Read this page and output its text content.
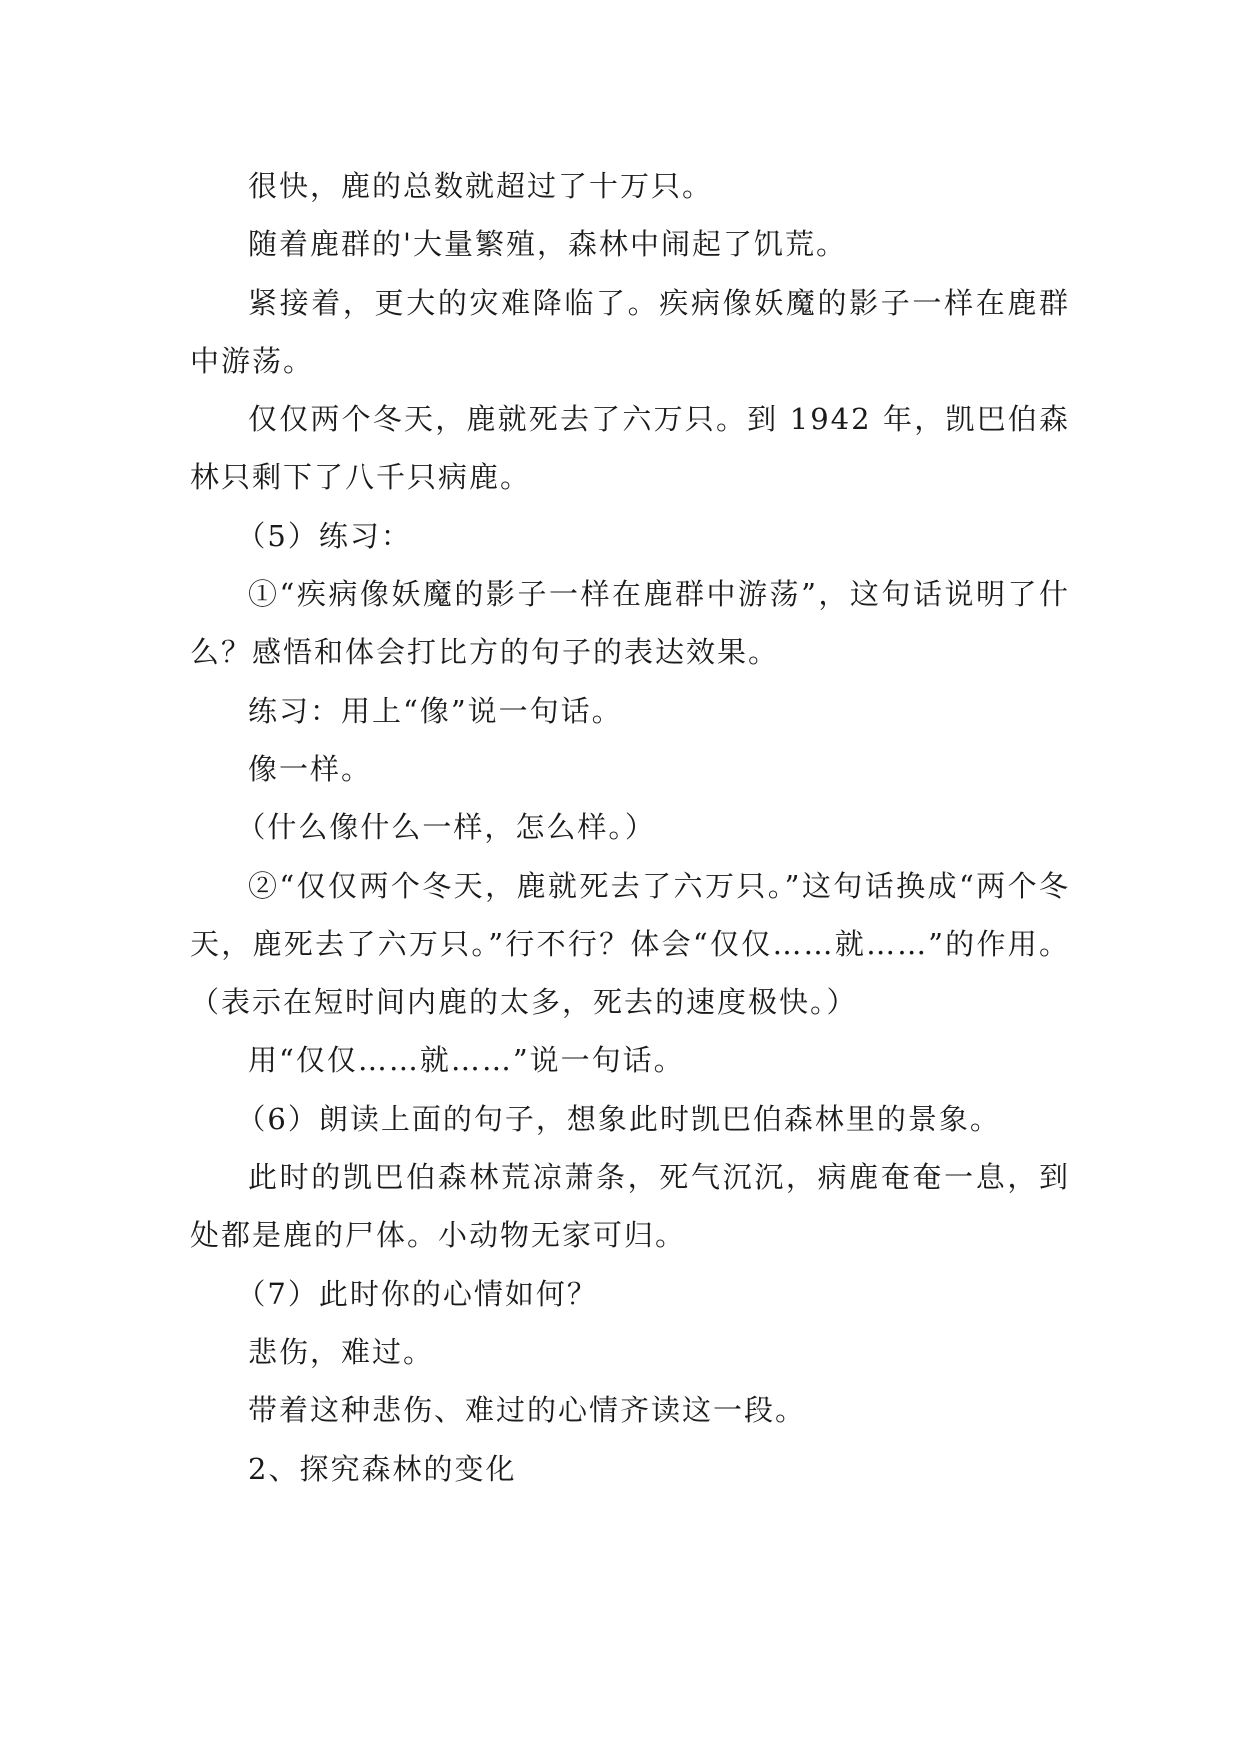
很快，鹿的总数就超过了十万只。

随着鹿群的'大量繁殖，森林中闹起了饥荒。

紧接着，更大的灾难降临了。疾病像妖魔的影子一样在鹿群中游荡。

仅仅两个冬天，鹿就死去了六万只。到 1942 年，凯巴伯森林只剩下了八千只病鹿。

（5）练习：

①“疾病像妖魔的影子一样在鹿群中游荡”，这句话说明了什么？感悟和体会打比方的句子的表达效果。

练习：用上“像”说一句话。

像一样。

（什么像什么一样，怎么样。）

②“仅仅两个冬天，鹿就死去了六万只。”这句话换成“两个冬天，鹿死去了六万只。”行不行？体会“仅仅……就……”的作用。（表示在短时间内鹿的太多，死去的速度极快。）

用“仅仅……就……”说一句话。

（6）朗读上面的句子，想象此时凯巴伯森林里的景象。

此时的凯巴伯森林荒凉萧条，死气沉沉，病鹿奄奄一息，到处都是鹿的尸体。小动物无家可归。

（7）此时你的心情如何？

悲伤，难过。

带着这种悲伤、难过的心情齐读这一段。

2、探究森林的变化
